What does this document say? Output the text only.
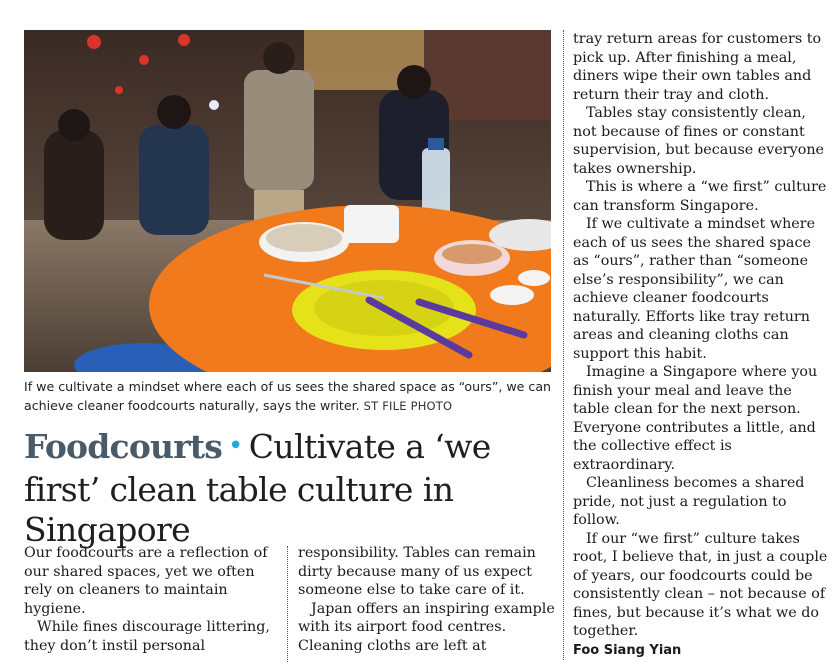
If we cultivate a mindset where each of us sees the shared space as “ours”, we can achieve cleaner foodcourts naturally, says the writer. ST FILE PHOTO
Foodcourts • Cultivate a ‘we first’ clean table culture in Singapore

Our foodcourts are a reflection of our shared spaces, yet we often rely on cleaners to maintain hygiene.

While fines discourage littering, they don’t instil personal

responsibility. Tables can remain dirty because many of us expect someone else to take care of it.

Japan offers an inspiring example with its airport food centres. Cleaning cloths are left at

tray return areas for customers to pick up. After finishing a meal, diners wipe their own tables and return their tray and cloth.

Tables stay consistently clean, not because of fines or constant supervision, but because everyone takes ownership.

This is where a “we first” culture can transform Singapore.

If we cultivate a mindset where each of us sees the shared space as “ours”, rather than “someone else’s responsibility”, we can achieve cleaner foodcourts naturally. Efforts like tray return areas and cleaning cloths can support this habit.

Imagine a Singapore where you finish your meal and leave the table clean for the next person. Everyone contributes a little, and the collective effect is extraordinary.

Cleanliness becomes a shared pride, not just a regulation to follow.

If our “we first” culture takes root, I believe that, in just a couple of years, our foodcourts could be consistently clean – not because of fines, but because it’s what we do together.

Foo Siang Yian
